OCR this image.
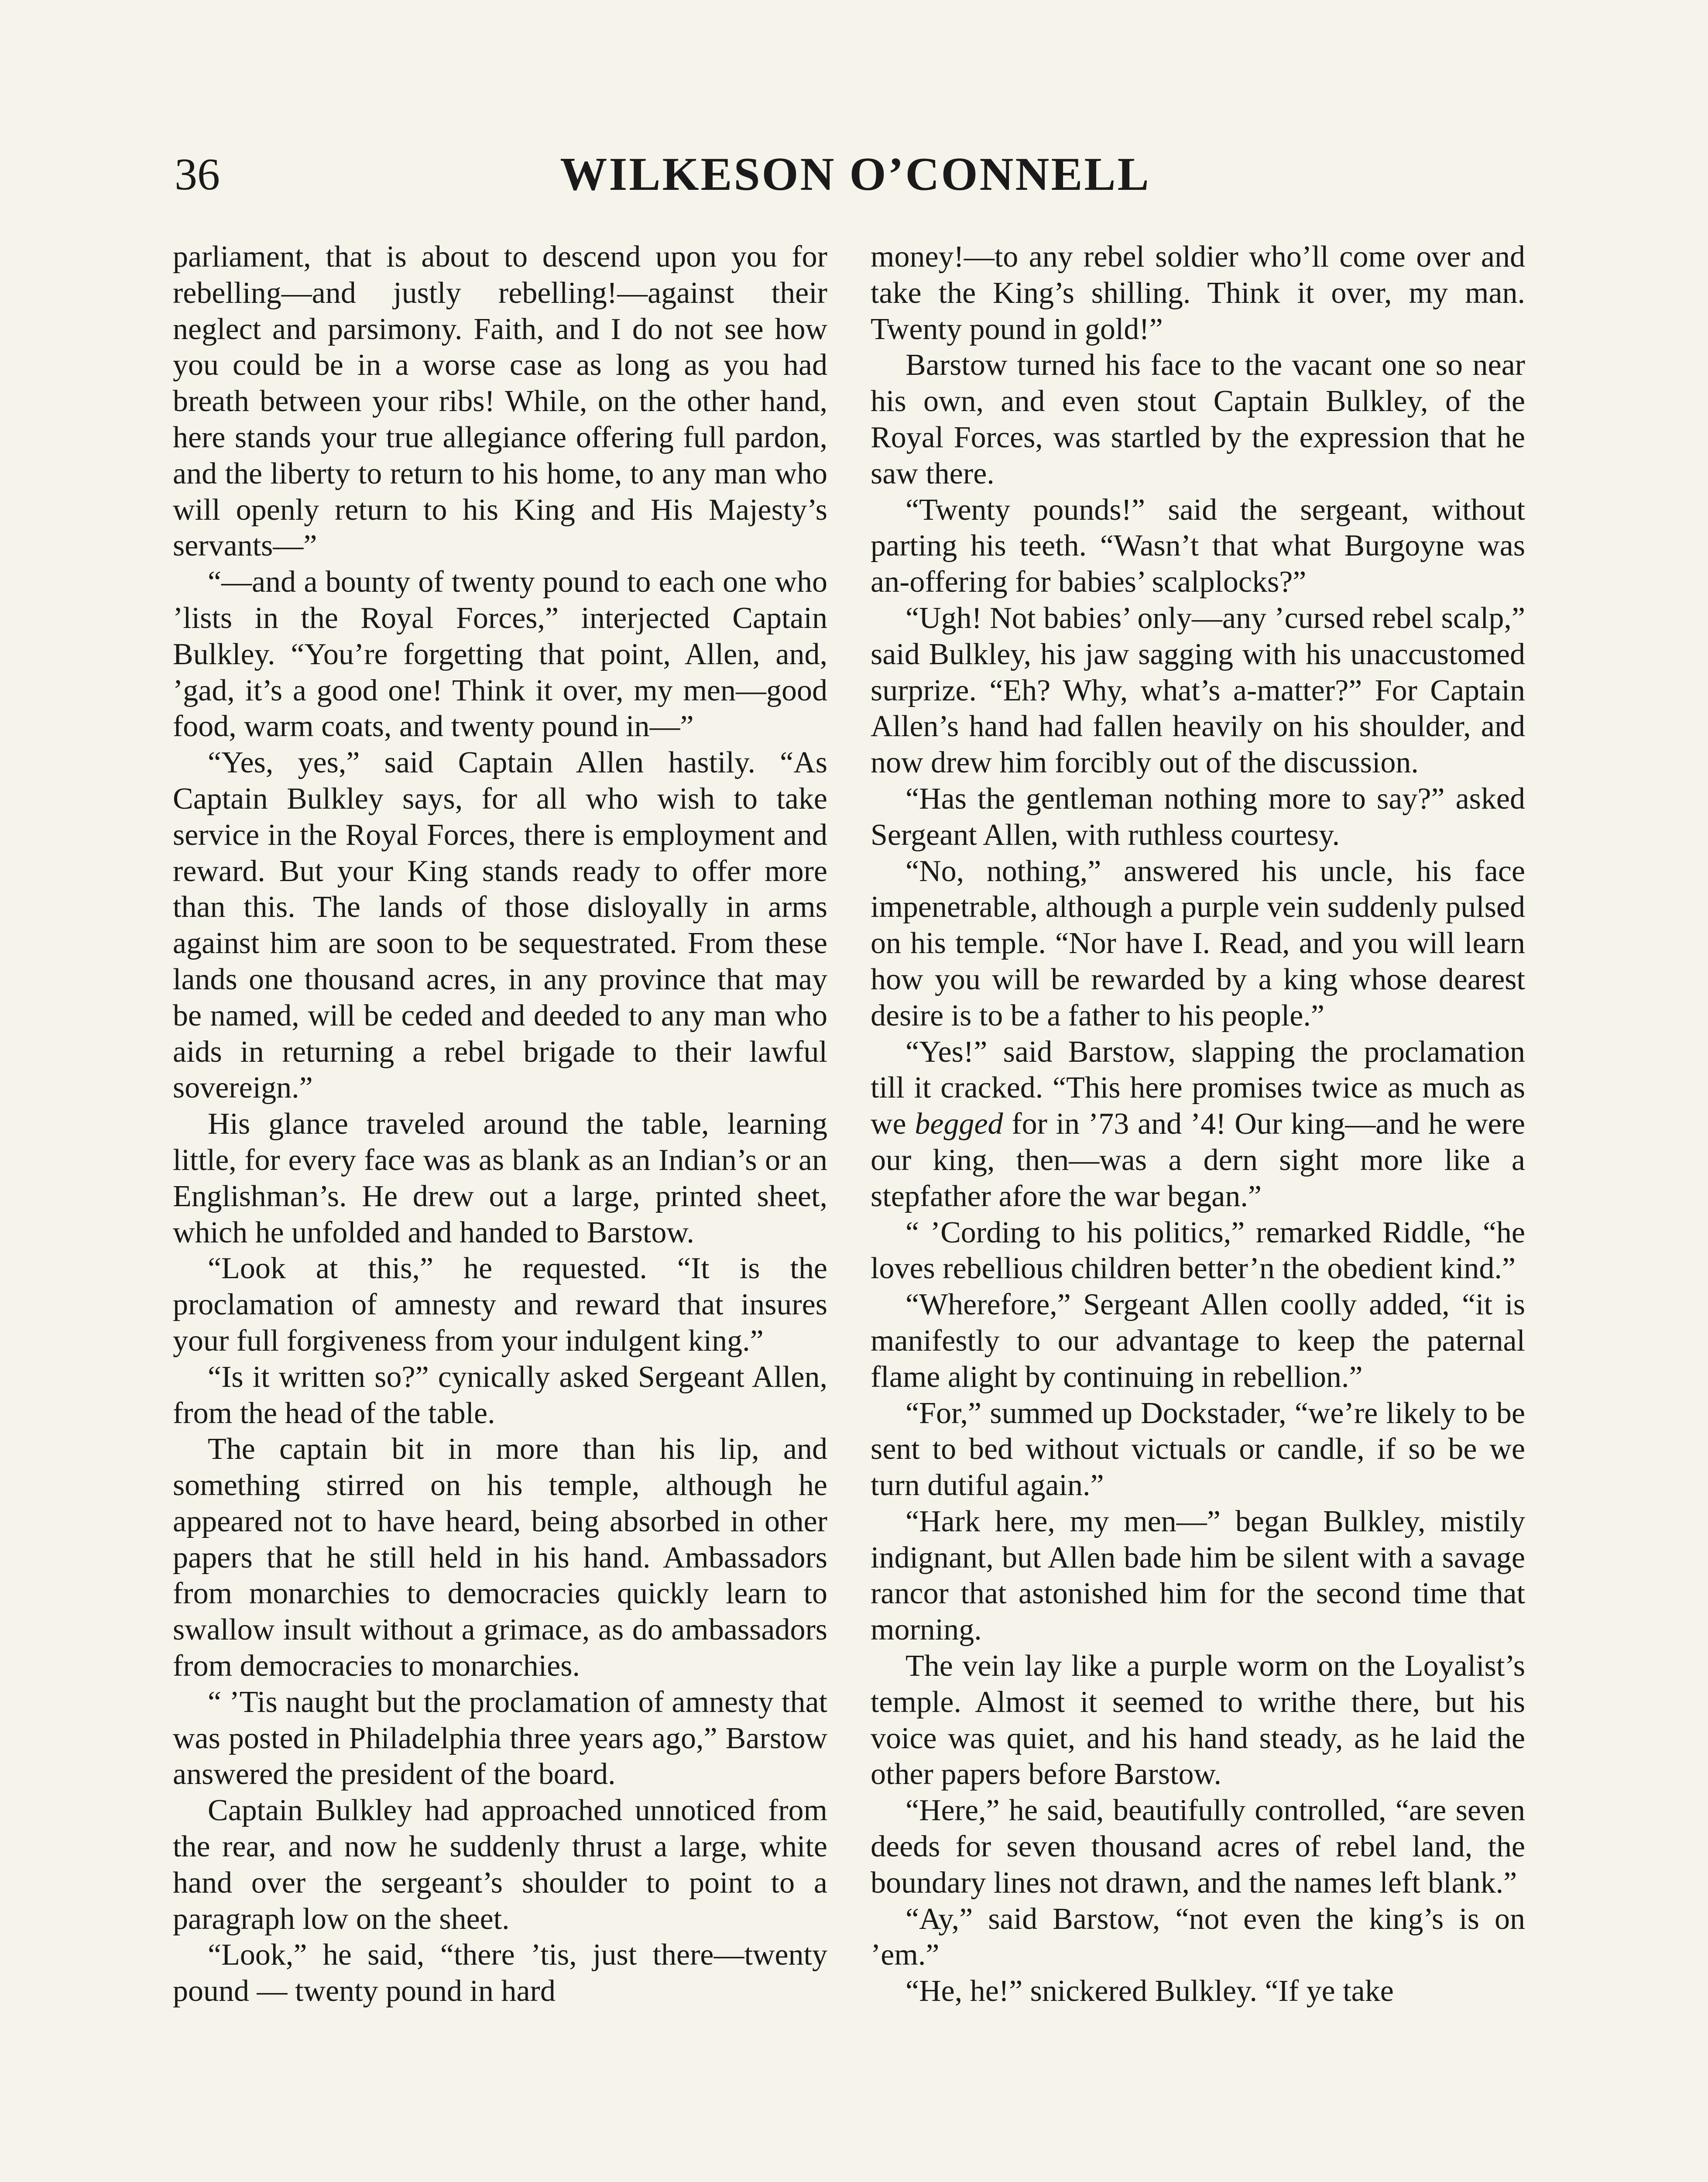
36	WILKESON O’CONNELL

parliament, that is about to descend upon you for rebelling—and justly rebelling!—against their neglect and parsimony. Faith, and I do not see how you could be in a worse case as long as you had breath between your ribs! While, on the other hand, here stands your true allegiance offering full pardon, and the liberty to return to his home, to any man who will openly return to his King and His Majesty’s servants—”

“—and a bounty of twenty pound to each one who ’lists in the Royal Forces,” interjected Captain Bulkley. “You’re forgetting that point, Allen, and, ’gad, it’s a good one! Think it over, my men—good food, warm coats, and twenty pound in—”

“Yes, yes,” said Captain Allen hastily. “As Captain Bulkley says, for all who wish to take service in the Royal Forces, there is employment and reward. But your King stands ready to offer more than this. The lands of those disloyally in arms against him are soon to be sequestrated. From these lands one thousand acres, in any province that may be named, will be ceded and deeded to any man who aids in returning a rebel brigade to their lawful sovereign.”

His glance traveled around the table, learning little, for every face was as blank as an Indian’s or an Englishman’s. He drew out a large, printed sheet, which he unfolded and handed to Barstow.

“Look at this,” he requested. “It is the proclamation of amnesty and reward that insures your full forgiveness from your indulgent king.”

“Is it written so?” cynically asked Sergeant Allen, from the head of the table.

The captain bit in more than his lip, and something stirred on his temple, although he appeared not to have heard, being absorbed in other papers that he still held in his hand. Ambassadors from monarchies to democracies quickly learn to swallow insult without a grimace, as do ambassadors from democracies to monarchies.

“ ’Tis naught but the proclamation of amnesty that was posted in Philadelphia three years ago,” Barstow answered the president of the board.

Captain Bulkley had approached unnoticed from the rear, and now he suddenly thrust a large, white hand over the sergeant’s shoulder to point to a paragraph low on the sheet.

“Look,” he said, “there ’tis, just there—twenty pound — twenty pound in hard

money!—to any rebel soldier who’ll come over and take the King’s shilling. Think it over, my man. Twenty pound in gold!”

Barstow turned his face to the vacant one so near his own, and even stout Captain Bulkley, of the Royal Forces, was startled by the expression that he saw there.

“Twenty pounds!” said the sergeant, without parting his teeth. “Wasn’t that what Burgoyne was an-offering for babies’ scalplocks?”

“Ugh! Not babies’ only—any ’cursed rebel scalp,” said Bulkley, his jaw sagging with his unaccustomed surprize. “Eh? Why, what’s a-matter?” For Captain Allen’s hand had fallen heavily on his shoulder, and now drew him forcibly out of the discussion.

“Has the gentleman nothing more to say?” asked Sergeant Allen, with ruthless courtesy.

“No, nothing,” answered his uncle, his face impenetrable, although a purple vein suddenly pulsed on his temple. “Nor have I. Read, and you will learn how you will be rewarded by a king whose dearest desire is to be a father to his people.”

“Yes!” said Barstow, slapping the proclamation till it cracked. “This here promises twice as much as we begged for in ’73 and ’4! Our king—and he were our king, then—was a dern sight more like a stepfather afore the war began.”

“ ’Cording to his politics,” remarked Riddle, “he loves rebellious children better’n the obedient kind.”

“Wherefore,” Sergeant Allen coolly added, “it is manifestly to our advantage to keep the paternal flame alight by continuing in rebellion.”

“For,” summed up Dockstader, “we’re likely to be sent to bed without victuals or candle, if so be we turn dutiful again.”

“Hark here, my men—” began Bulkley, mistily indignant, but Allen bade him be silent with a savage rancor that astonished him for the second time that morning.

The vein lay like a purple worm on the Loyalist’s temple. Almost it seemed to writhe there, but his voice was quiet, and his hand steady, as he laid the other papers before Barstow.

“Here,” he said, beautifully controlled, “are seven deeds for seven thousand acres of rebel land, the boundary lines not drawn, and the names left blank.”

“Ay,” said Barstow, “not even the king’s is on ’em.”

“He, he!” snickered Bulkley. “If ye take
